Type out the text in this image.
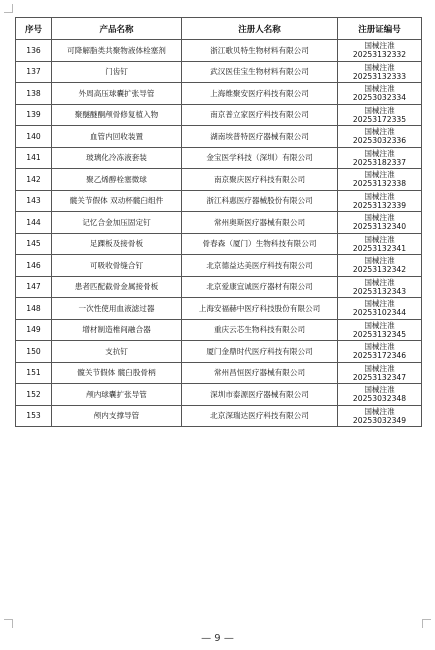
序号	产品名称	注册人名称	注册证编号
136	可降解脂类共聚物液体栓塞剂	浙江歌贝特生物材料有限公司	国械注准
20253132332

137	门齿钉	武汉医佳宝生物材料有限公司	国械注准
20253132333

138	外周高压球囊扩张导管	上海维聚安医疗科技有限公司	国械注准
20253032334

139	聚醚醚酮颅骨修复植入物	南京普立家医疗科技有限公司	国械注准
20253172335

140	血管内回收装置	湖南埃普特医疗器械有限公司	国械注准
20253032336

141	玻璃化冷冻液套装	金宝医学科技（深圳）有限公司	国械注准
20253182337

142	聚乙烯醇栓塞微球	南京聚庆医疗科技有限公司	国械注准
20253132338

143	髋关节假体 双动杯髋臼组件	浙江科惠医疗器械股份有限公司	国械注准
20253132339

144	记忆合金加压固定钉	常州奥斯医疗器械有限公司	国械注准
20253132340

145	足踝板及接骨板	骨春森（厦门）生物科技有限公司	国械注准
20253132341

146	可吸收骨缝合钉	北京德益达美医疗科技有限公司	国械注准
20253132342

147	患者匹配截骨金属接骨板	北京爱康宜诚医疗器材有限公司	国械注准
20253132343

148	一次性使用血液滤过器	上海安福赫中医疗科技股份有限公司	国械注准
20253102344

149	增材制造椎间融合器	重庆云芯生物科技有限公司	国械注准
20253132345

150	支抗钉	厦门金鼎时代医疗科技有限公司	国械注准
20253172346

151	髋关节假体 髋臼股骨柄	常州昌恒医疗器械有限公司	国械注准
20253132347

152	颅内球囊扩张导管	深圳市泰源医疗器械有限公司	国械注准
20253032348

153	颅内支撑导管	北京深瑞达医疗科技有限公司	国械注准
20253032349
— 9 —
